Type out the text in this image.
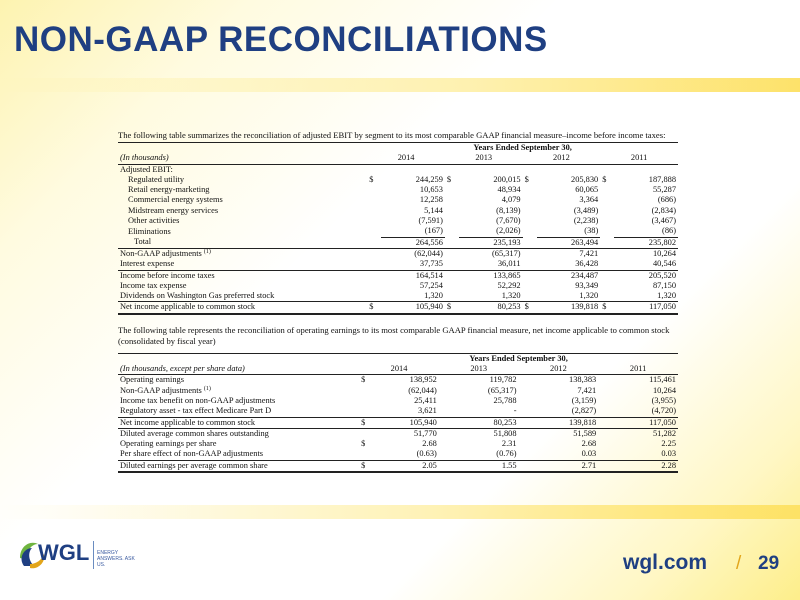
NON-GAAP RECONCILIATIONS

The following table summarizes the reconciliation of adjusted EBIT by segment to its most comparable GAAP financial measure–income before income taxes:

	Years Ended September 30,							
(In thousands)	2014		2013		2012		2011	
Adjusted EBIT:								
Regulated utility	$	244,259	$	200,015	$	205,830	$	187,888
Retail energy-marketing		10,653		48,934		60,065		55,287
Commercial energy systems		12,258		4,079		3,364		(686)
Midstream energy services		5,144		(8,139)		(3,489)		(2,834)
Other activities		(7,591)		(7,670)		(2,238)		(3,467)
Eliminations		(167)		(2,026)		(38)		(86)
Total		264,556		235,193		263,494		235,802
Non-GAAP adjustments $^{(1)}$		(62,044)		(65,317)		7,421		10,264
Interest expense		37,735		36,011		36,428		40,546
Income before income taxes		164,514		133,865		234,487		205,520
Income tax expense		57,254		52,292		93,349		87,150
Dividends on Washington Gas preferred stock		1,320		1,320		1,320		1,320
Net income applicable to common stock	$	105,940	$	80,253	$	139,818	$	117,050

The following table represents the reconciliation of operating earnings to its most comparable GAAP financial measure, net income applicable to common stock (consolidated by fiscal year)

	Years Ended September 30,							
(In thousands, except per share data)	2014		2013		2012		2011	
Operating earnings	$	138,952		119,782		138,383		115,461
Non-GAAP adjustments $^{(1)}$		(62,044)		(65,317)		7,421		10,264
Income tax benefit on non-GAAP adjustments		25,411		25,788		(3,159)		(3,955)
Regulatory asset - tax effect Medicare Part D		3,621		-		(2,827)		(4,720)
Net income applicable to common stock	$	105,940		80,253		139,818		117,050
Diluted average common shares outstanding		51,770		51,808		51,589		51,282
Operating earnings per share	$	2.68		2.31		2.68		2.25
Per share effect of non-GAAP adjustments		(0.63)		(0.76)		0.03		0.03
Diluted earnings per average common share	$	2.05		1.55		2.71		2.28
WGL ENERGY ANSWERS. ASK US.	wgl.com / 29
